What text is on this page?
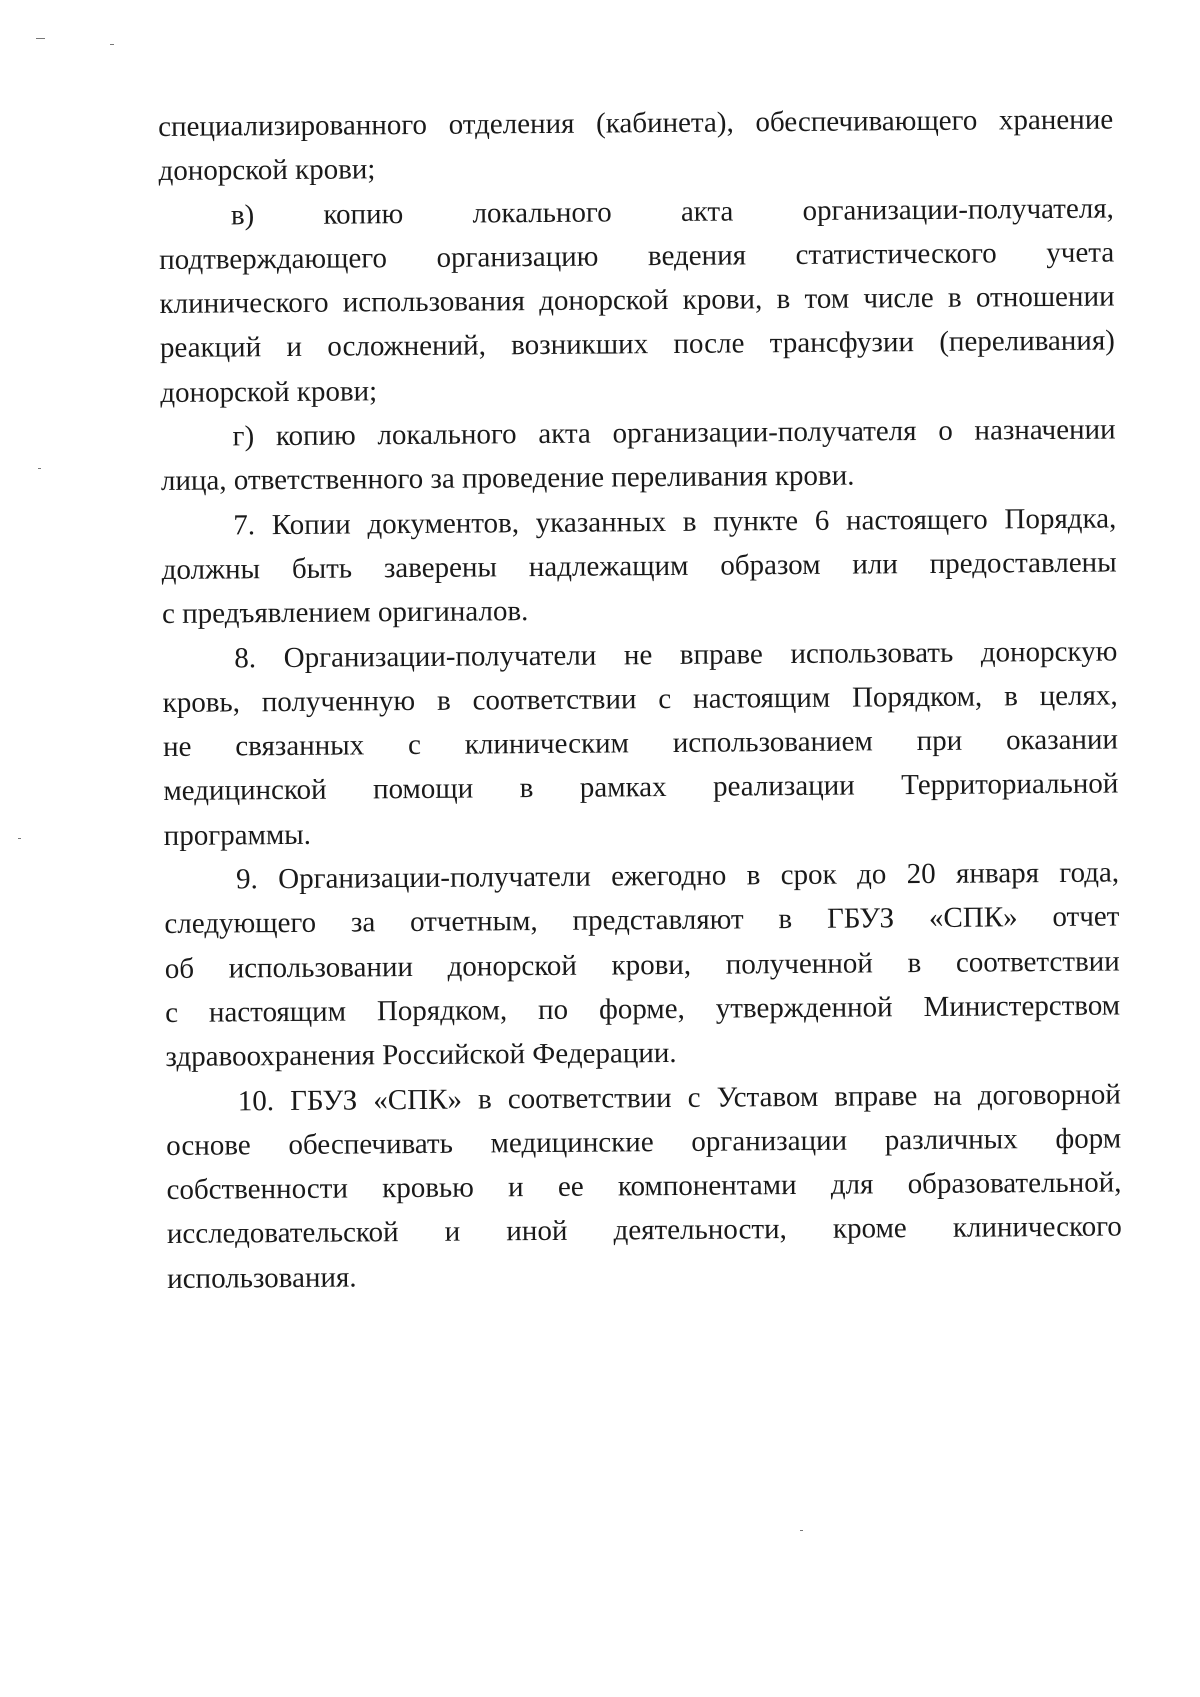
специализированного отделения (кабинета), обеспечивающего хранение
донорской крови;
в) копию локального акта организации-получателя,
подтверждающего организацию ведения статистического учета
клинического использования донорской крови, в том числе в отношении
реакций и осложнений, возникших после трансфузии (переливания)
донорской крови;
г) копию локального акта организации-получателя о назначении
лица, ответственного за проведение переливания крови.
7. Копии документов, указанных в пункте 6 настоящего Порядка,
должны быть заверены надлежащим образом или предоставлены
с предъявлением оригиналов.
8. Организации-получатели не вправе использовать донорскую
кровь, полученную в соответствии с настоящим Порядком, в целях,
не связанных с клиническим использованием при оказании
медицинской помощи в рамках реализации Территориальной
программы.
9. Организации-получатели ежегодно в срок до 20 января года,
следующего за отчетным, представляют в ГБУЗ «СПК» отчет
об использовании донорской крови, полученной в соответствии
с настоящим Порядком, по форме, утвержденной Министерством
здравоохранения Российской Федерации.
10. ГБУЗ «СПК» в соответствии с Уставом вправе на договорной
основе обеспечивать медицинские организации различных форм
собственности кровью и ее компонентами для образовательной,
исследовательской и иной деятельности, кроме клинического
использования.
